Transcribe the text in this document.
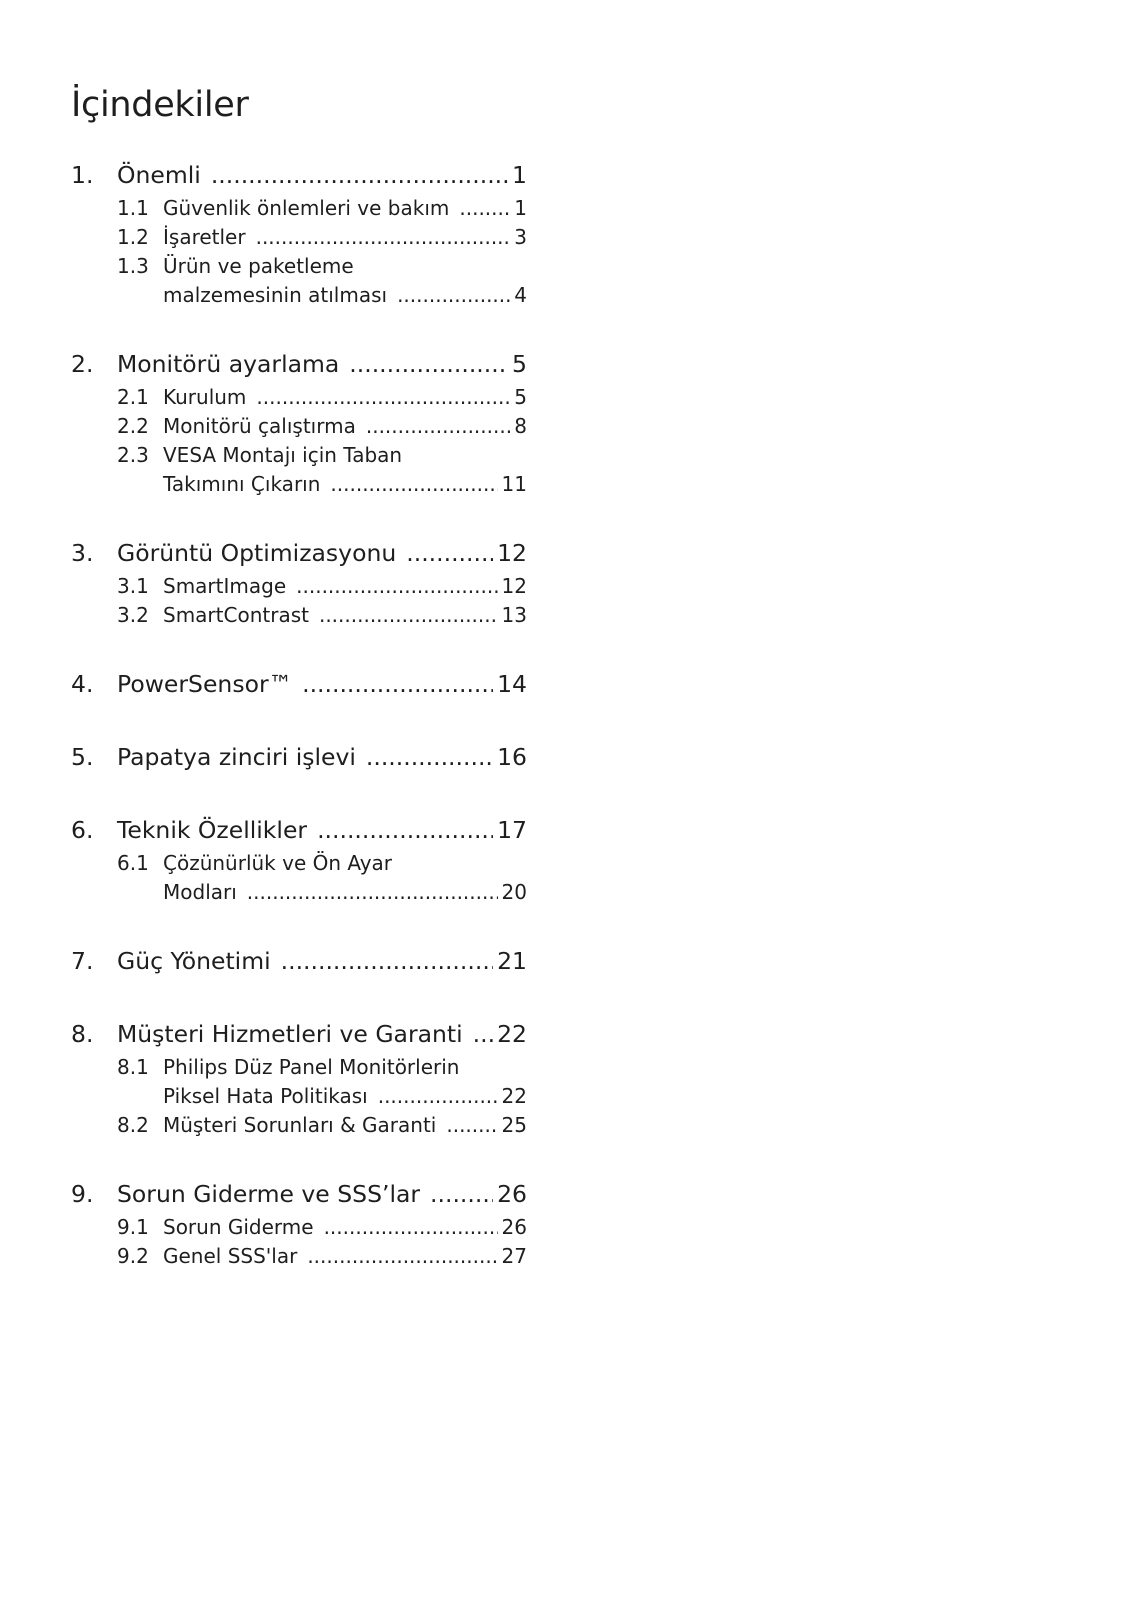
İçindekiler
1. Önemli .....	1
1.1 Güvenlik önlemleri ve bakım .....	1
1.2 İşaretler .....	3
1.3 Ürün ve paketleme
malzemesinin atılması .....	4
2. Monitörü ayarlama .....	5
2.1 Kurulum .....	5
2.2 Monitörü çalıştırma .....	8
2.3 VESA Montajı için Taban
Takımını Çıkarın .....	11
3. Görüntü Optimizasyonu .....	12
3.1 SmartImage .....	12
3.2 SmartContrast .....	13
4. PowerSensor™ .....	14
5. Papatya zinciri işlevi .....	16
6. Teknik Özellikler .....	17
6.1 Çözünürlük ve Ön Ayar
Modları .....	20
7. Güç Yönetimi .....	21
8. Müşteri Hizmetleri ve Garanti ..... 22
8.1 Philips Düz Panel Monitörlerin
Piksel Hata Politikası .....	22
8.2 Müşteri Sorunları & Garanti .....	25
9. Sorun Giderme ve SSS’lar .....	26
9.1 Sorun Giderme .....	26
9.2 Genel SSS'lar .....	27
